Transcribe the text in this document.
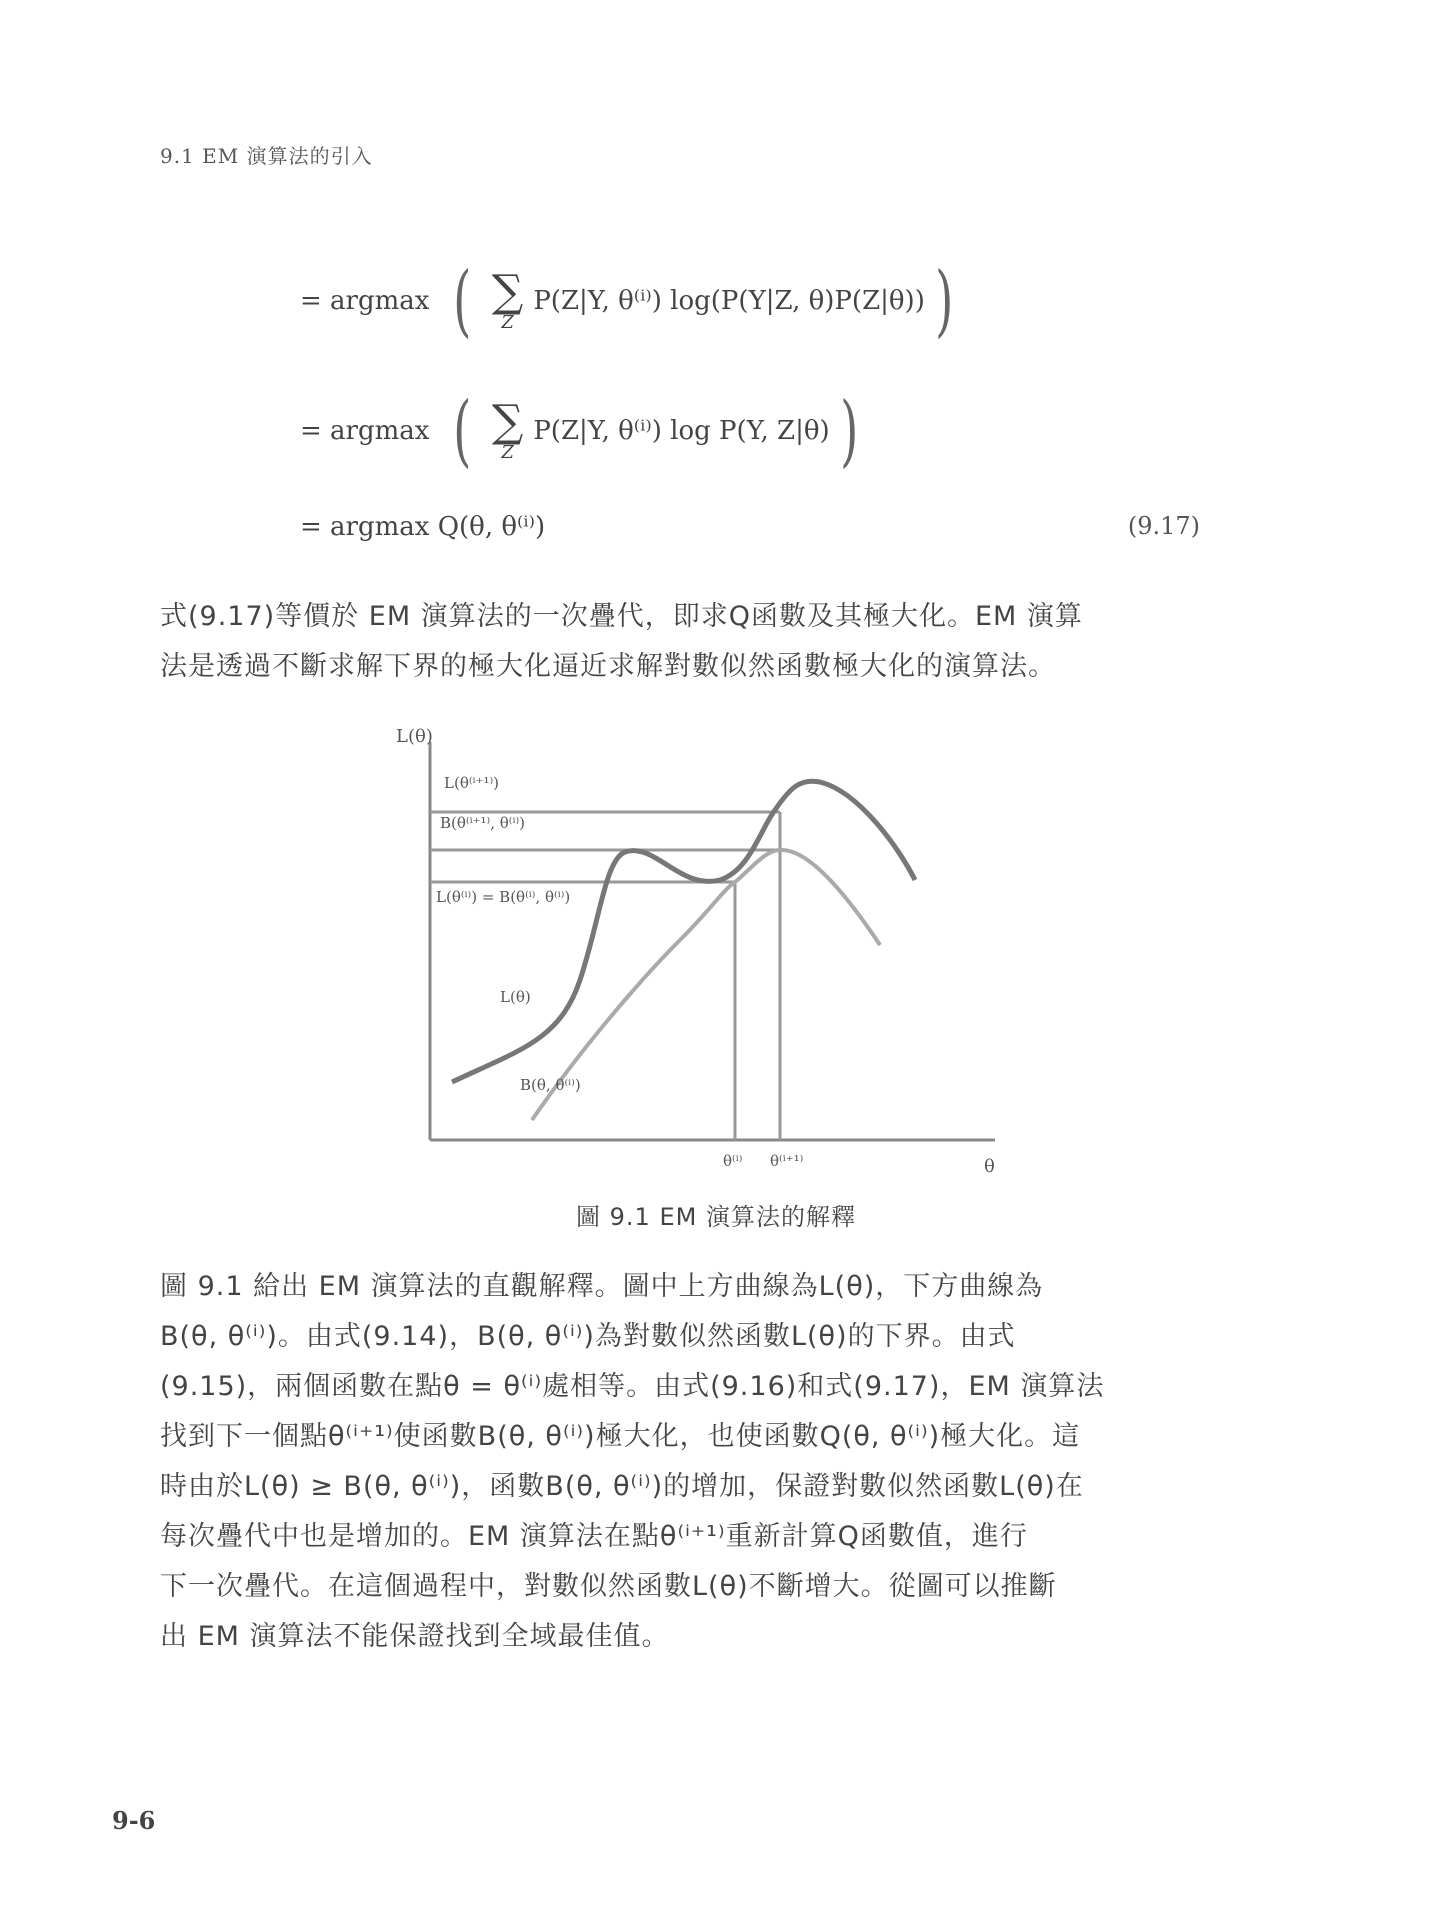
9.1 EM 演算法的引入
= argmax ( ∑
Z
P(Z|Y, θ⁽ⁱ⁾) log(P(Y|Z, θ)P(Z|θ)) )
= argmax ( ∑
Z
P(Z|Y, θ⁽ⁱ⁾) log P(Y, Z|θ) )
= argmax Q(θ, θ⁽ⁱ⁾)	(9.17)
式(9.17)等價於 EM 演算法的一次疊代，即求Q函數及其極大化。EM 演算
法是透過不斷求解下界的極大化逼近求解對數似然函數極大化的演算法。
L(θ)
θ
L(θ⁽ⁱ⁺¹⁾)
B(θ⁽ⁱ⁺¹⁾, θ⁽ⁱ⁾)
L(θ⁽ⁱ⁾) = B(θ⁽ⁱ⁾, θ⁽ⁱ⁾)
L(θ)
B(θ, θ⁽ⁱ⁾)
θ⁽ⁱ⁾ θ⁽ⁱ⁺¹⁾
圖 9.1 EM 演算法的解釋
圖 9.1 給出 EM 演算法的直觀解釋。圖中上方曲線為L(θ)，下方曲線為
B(θ, θ⁽ⁱ⁾)。由式(9.14)，B(θ, θ⁽ⁱ⁾)為對數似然函數L(θ)的下界。由式
(9.15)，兩個函數在點θ = θ⁽ⁱ⁾處相等。由式(9.16)和式(9.17)，EM 演算法
找到下一個點θ⁽ⁱ⁺¹⁾使函數B(θ, θ⁽ⁱ⁾)極大化，也使函數Q(θ, θ⁽ⁱ⁾)極大化。這
時由於L(θ) ≥ B(θ, θ⁽ⁱ⁾)，函數B(θ, θ⁽ⁱ⁾)的增加，保證對數似然函數L(θ)在
每次疊代中也是增加的。EM 演算法在點θ⁽ⁱ⁺¹⁾重新計算Q函數值，進行
下一次疊代。在這個過程中，對數似然函數L(θ)不斷增大。從圖可以推斷
出 EM 演算法不能保證找到全域最佳值。
9-6
